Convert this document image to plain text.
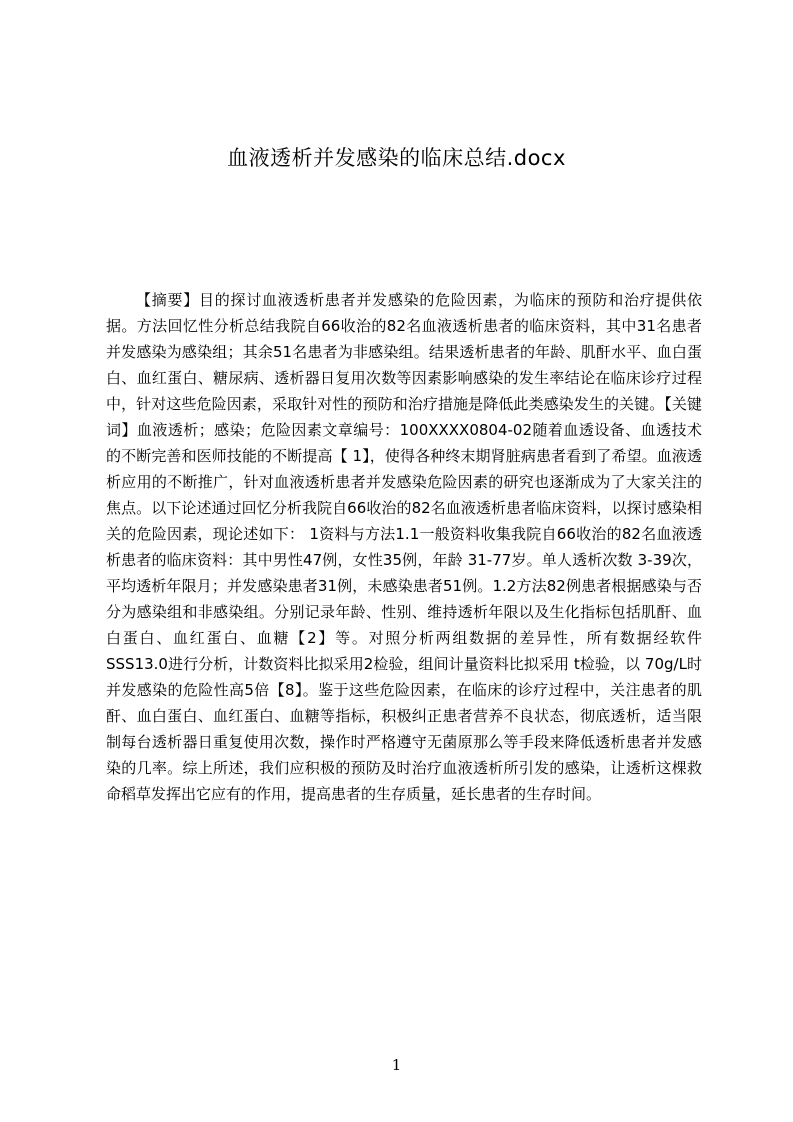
血液透析并发感染的临床总结.docx

【摘要】目的探讨血液透析患者并发感染的危险因素，为临床的预防和治疗提供依据。方法回忆性分析总结我院自66收治的82名血液透析患者的临床资料，其中31名患者并发感染为感染组；其余51名患者为非感染组。结果透析患者的年龄、肌酐水平、血白蛋白、血红蛋白、糖尿病、透析器日复用次数等因素影响感染的发生率结论在临床诊疗过程中，针对这些危险因素，采取针对性的预防和治疗措施是降低此类感染发生的关键。【关键词】血液透析；感染；危险因素文章编号：100XXXX0804-02随着血透设备、血透技术的不断完善和医师技能的不断提高【 1】，使得各种终末期肾脏病患者看到了希望。血液透析应用的不断推广，针对血液透析患者并发感染危险因素的研究也逐渐成为了大家关注的焦点。以下论述通过回忆分析我院自66收治的82名血液透析患者临床资料，以探讨感染相关的危险因素，现论述如下： 1资料与方法1.1一般资料收集我院自66收治的82名血液透析患者的临床资料：其中男性47例，女性35例，年龄 31-77岁。单人透析次数 3-39次，平均透析年限月；并发感染患者31例，未感染患者51例。1.2方法82例患者根据感染与否分为感染组和非感染组。分别记录年龄、性别、维持透析年限以及生化指标包括肌酐、血白蛋白、血红蛋白、血糖【2】等。对照分析两组数据的差异性，所有数据经软件SSS13.0进行分析，计数资料比拟采用2检验，组间计量资料比拟采用 t检验，以 70g/L时并发感染的危险性高5倍【8】。鉴于这些危险因素，在临床的诊疗过程中，关注患者的肌酐、血白蛋白、血红蛋白、血糖等指标，积极纠正患者营养不良状态，彻底透析，适当限制每台透析器日重复使用次数，操作时严格遵守无菌原那么等手段来降低透析患者并发感染的几率。综上所述，我们应积极的预防及时治疗血液透析所引发的感染，让透析这棵救命稻草发挥出它应有的作用，提高患者的生存质量，延长患者的生存时间。

1
